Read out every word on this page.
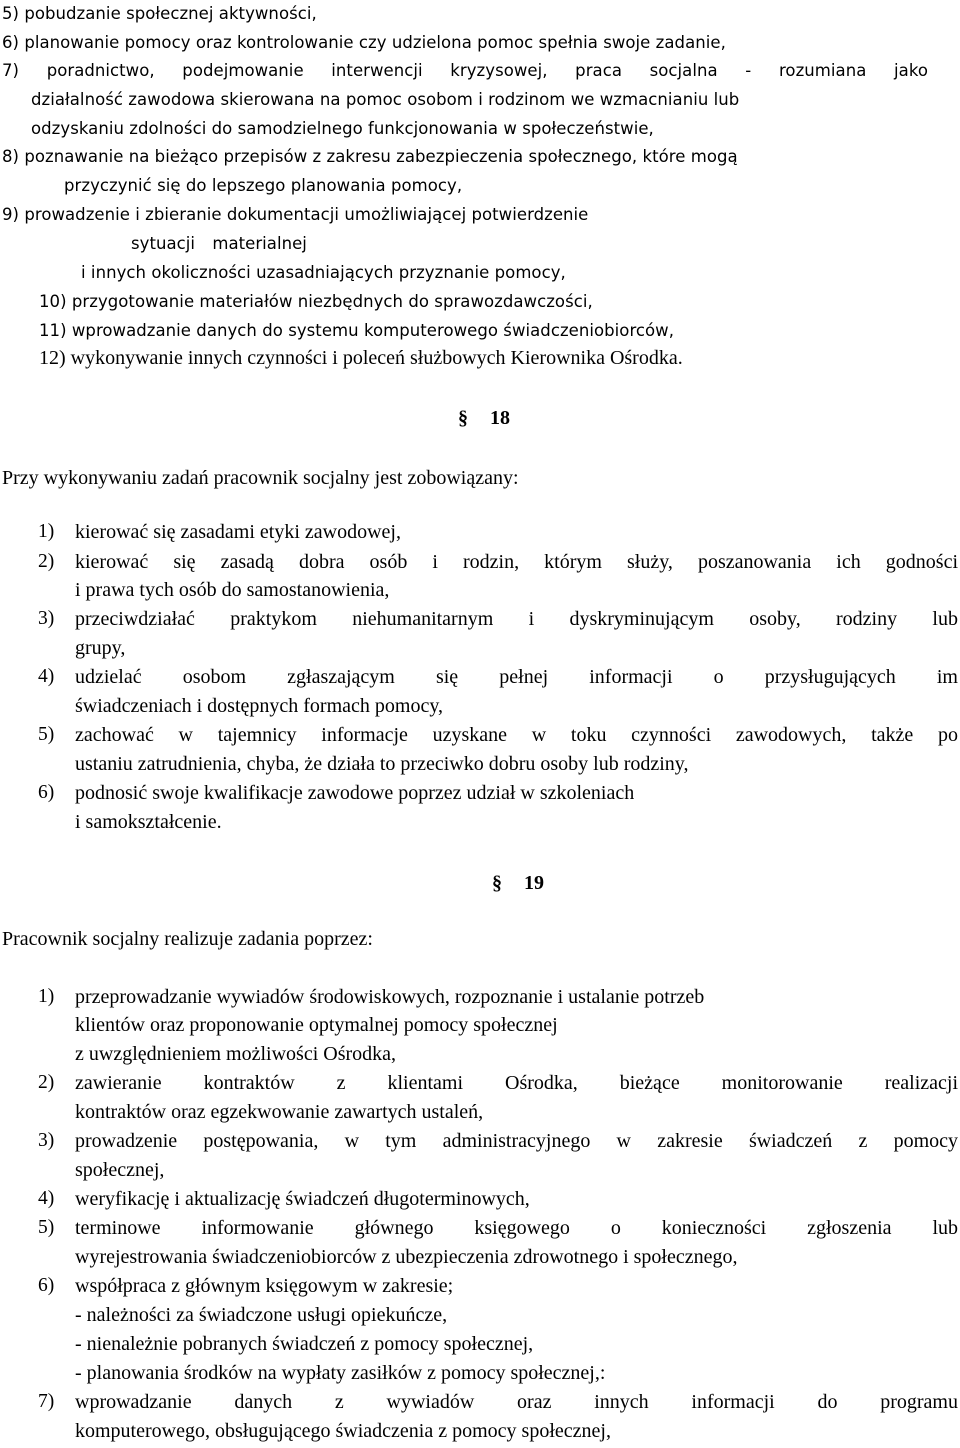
5) pobudzanie społecznej aktywności,
6) planowanie pomocy oraz kontrolowanie czy udzielona pomoc spełnia swoje zadanie,
7) poradnictwo, podejmowanie interwencji kryzysowej, praca socjalna - rozumiana jako
działalność zawodowa skierowana na pomoc osobom i rodzinom we wzmacnianiu lub
odzyskaniu zdolności do samodzielnego funkcjonowania w społeczeństwie,
8) poznawanie na bieżąco przepisów z zakresu zabezpieczenia społecznego, które mogą
przyczynić się do lepszego planowania pomocy,
9) prowadzenie i zbieranie dokumentacji umożliwiającej potwierdzenie
sytuacji materialnej
i innych okoliczności uzasadniających przyznanie pomocy,
10) przygotowanie materiałów niezbędnych do sprawozdawczości,
11) wprowadzanie danych do systemu komputerowego świadczeniobiorców,
12) wykonywanie innych czynności i poleceń służbowych Kierownika Ośrodka.
§ 18
Przy wykonywaniu zadań pracownik socjalny jest zobowiązany:
1) kierować się zasadami etyki zawodowej,
2) kierować się zasadą dobra osób i rodzin, którym służy, poszanowania ich godności
i prawa tych osób do samostanowienia,
3) przeciwdziałać praktykom niehumanitarnym i dyskryminującym osoby, rodziny lub
grupy,
4) udzielać osobom zgłaszającym się pełnej informacji o przysługujących im
świadczeniach i dostępnych formach pomocy,
5) zachować w tajemnicy informacje uzyskane w toku czynności zawodowych, także po
ustaniu zatrudnienia, chyba, że działa to przeciwko dobru osoby lub rodziny,
6) podnosić swoje kwalifikacje zawodowe poprzez udział w szkoleniach
i samokształcenie.
§ 19
Pracownik socjalny realizuje zadania poprzez:
1) przeprowadzanie wywiadów środowiskowych, rozpoznanie i ustalanie potrzeb
klientów oraz proponowanie optymalnej pomocy społecznej
z uwzględnieniem możliwości Ośrodka,
2) zawieranie kontraktów z klientami Ośrodka, bieżące monitorowanie realizacji
kontraktów oraz egzekwowanie zawartych ustaleń,
3) prowadzenie postępowania, w tym administracyjnego w zakresie świadczeń z pomocy
społecznej,
4) weryfikację i aktualizację świadczeń długoterminowych,
5) terminowe informowanie głównego księgowego o konieczności zgłoszenia lub
wyrejestrowania świadczeniobiorców z ubezpieczenia zdrowotnego i społecznego,
6) współpraca z głównym księgowym w zakresie;
- należności za świadczone usługi opiekuńcze,
- nienależnie pobranych świadczeń z pomocy społecznej,
- planowania środków na wypłaty zasiłków z pomocy społecznej,:
7) wprowadzanie danych z wywiadów oraz innych informacji do programu
komputerowego, obsługującego świadczenia z pomocy społecznej,
